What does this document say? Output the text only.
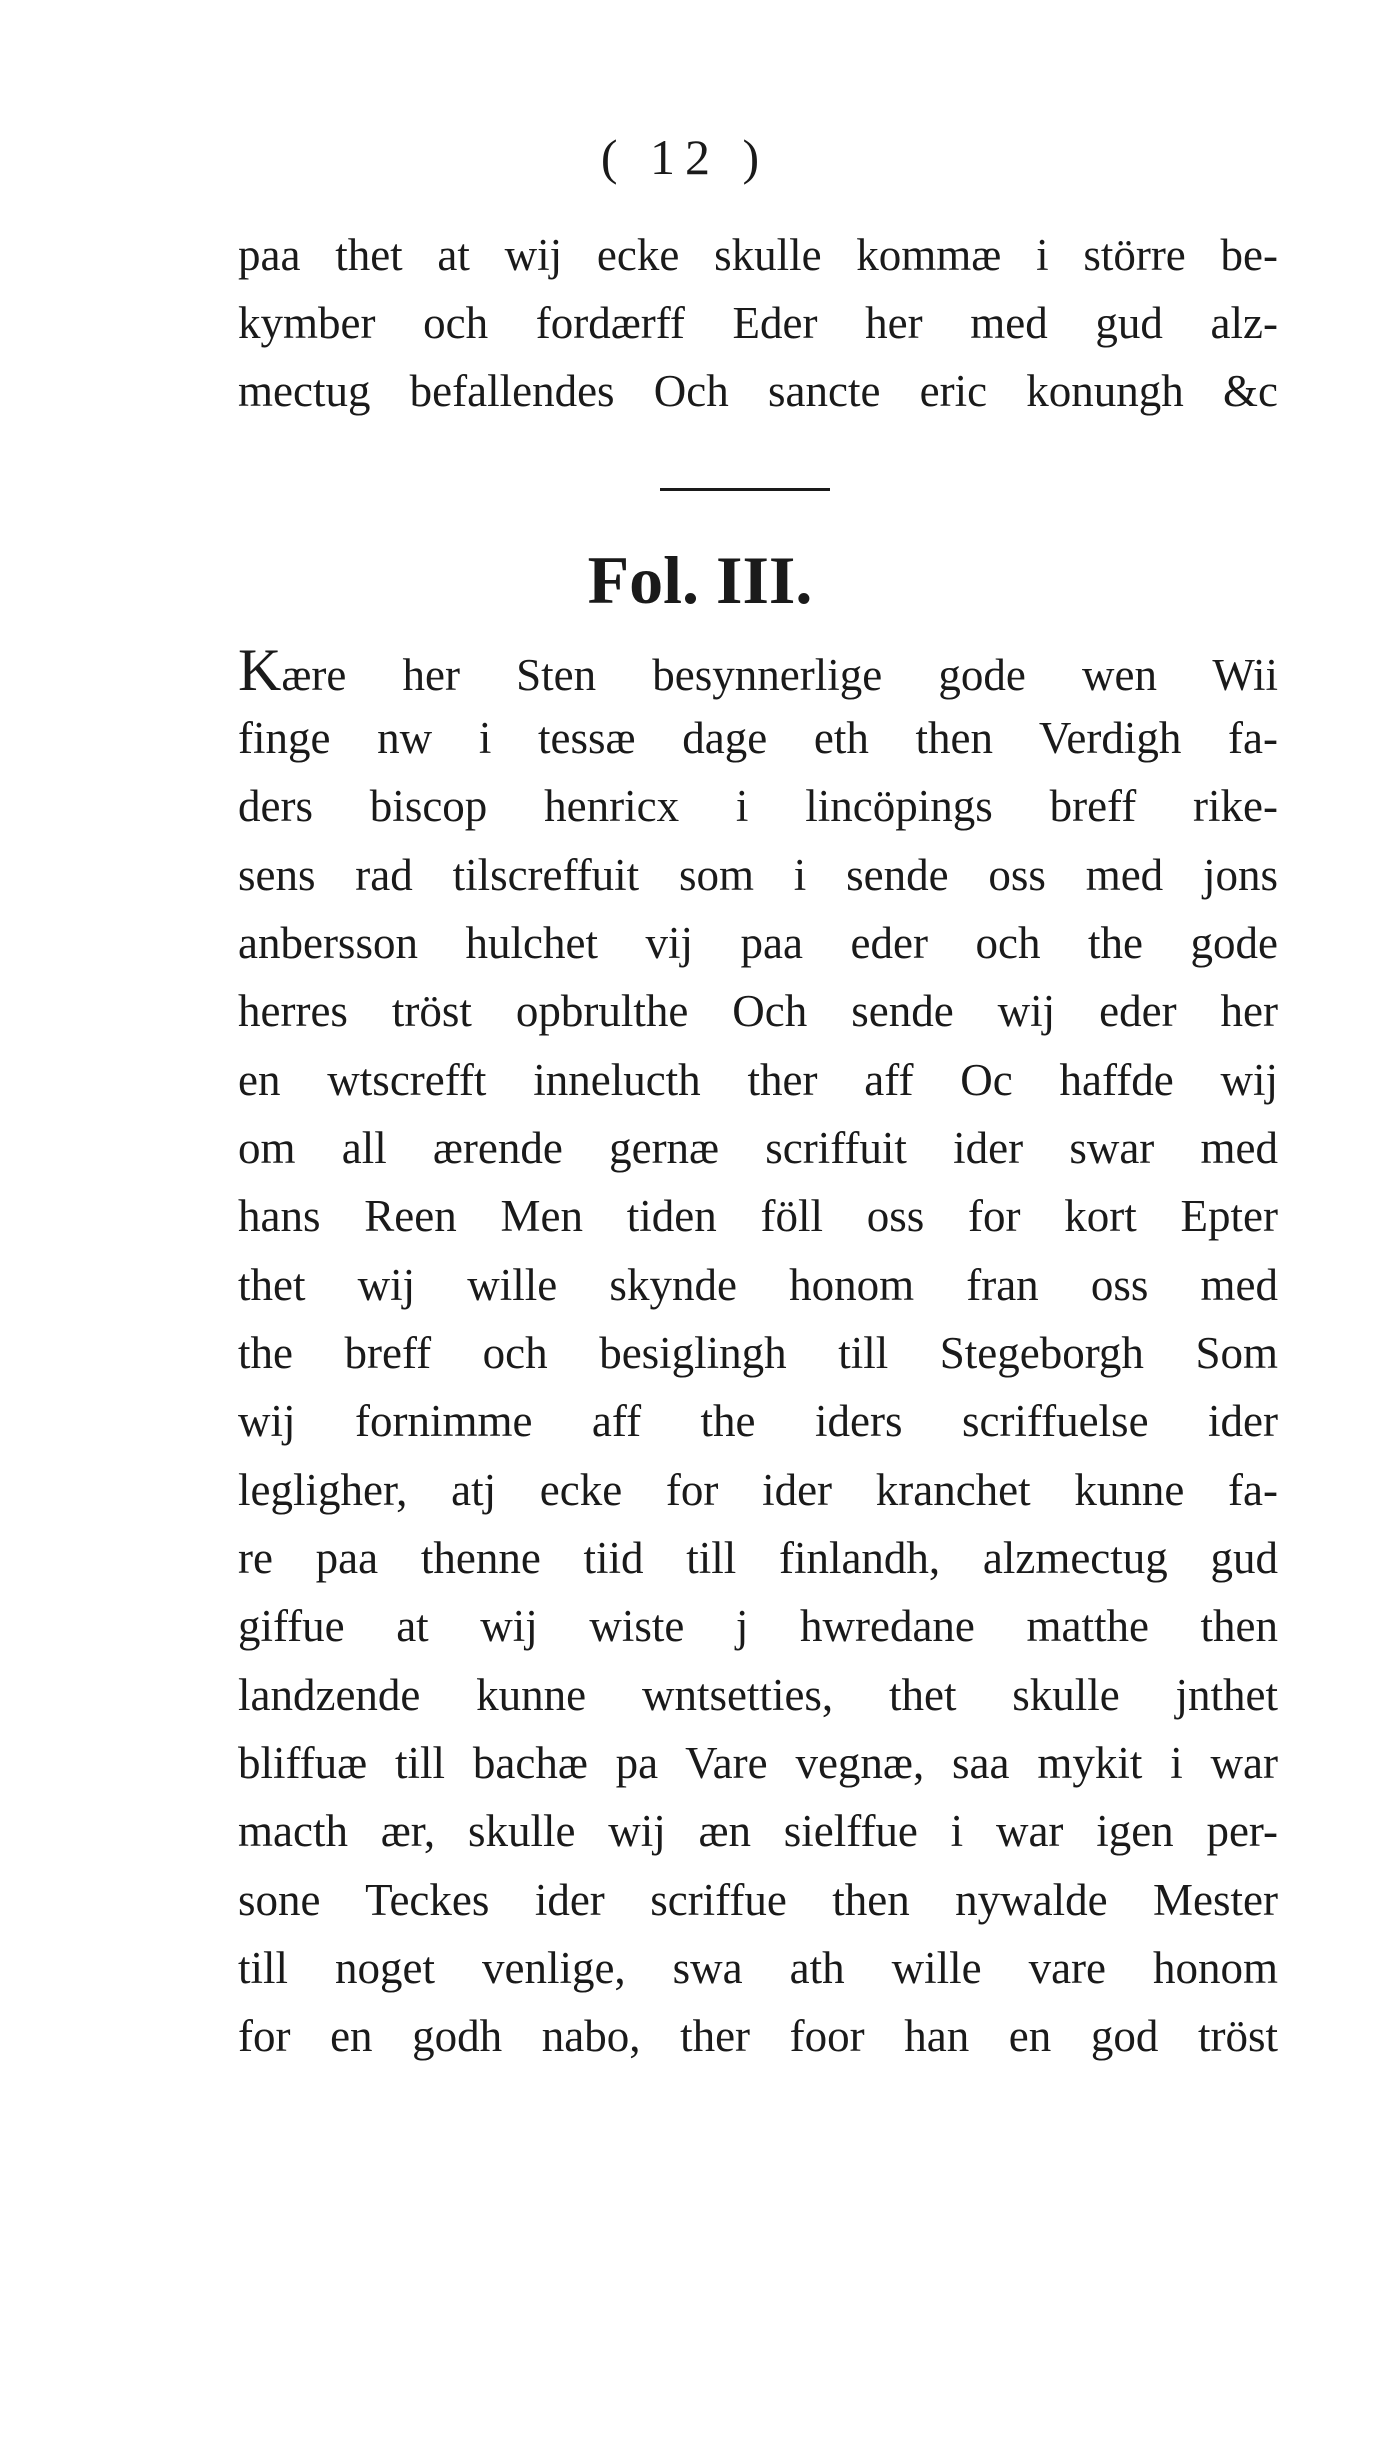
( 12 )
paa thet at wij ecke skulle kommæ i större be-
kymber och fordærff Eder her med gud alz-
mectug befallendes Och sancte eric konungh &c
Fol. III.
Kære her Sten besynnerlige gode wen Wii
finge nw i tessæ dage eth then Verdigh fa-
ders biscop henricx i lincöpings breff rike-
sens rad tilscreffuit som i sende oss med jons
anbersson hulchet vij paa eder och the gode
herres tröst opbrulthe Och sende wij eder her
en wtscrefft innelucth ther aff Oc haffde wij
om all ærende gernæ scriffuit ider swar med
hans Reen Men tiden föll oss for kort Epter
thet wij wille skynde honom fran oss med
the breff och besiglingh till Stegeborgh Som
wij fornimme aff the iders scriffuelse ider
legligher, atj ecke for ider kranchet kunne fa-
re paa thenne tiid till finlandh, alzmectug gud
giffue at wij wiste j hwredane matthe then
landzende kunne wntsetties, thet skulle jnthet
bliffuæ till bachæ pa Vare vegnæ, saa mykit i war
macth ær, skulle wij æn sielffue i war igen per-
sone Teckes ider scriffue then nywalde Mester
till noget venlige, swa ath wille vare honom
for en godh nabo, ther foor han en god tröst
